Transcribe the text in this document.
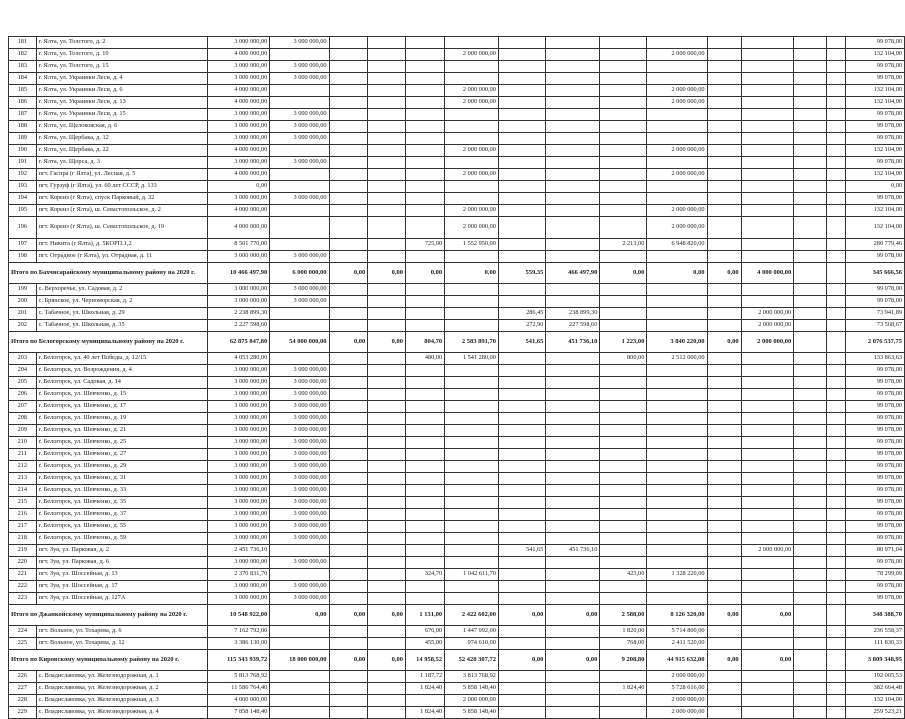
181	г. Ялта, ул. Толстого, д. 2	3 000 000,00	3 000 000,00													99 078,00
182	г. Ялта, ул. Толстого, д. 10	4 000 000,00					2 000 000,00				2 000 000,00					132 104,00
183	г. Ялта, ул. Толстого, д. 15	3 000 000,00	3 000 000,00													99 078,00
184	г. Ялта, ул. Украинки Леси, д. 4	3 000 000,00	3 000 000,00													99 078,00
185	г. Ялта, ул. Украинки Леси, д. 6	4 000 000,00					2 000 000,00				2 000 000,00					132 104,00
186	г. Ялта, ул. Украинки Леси, д. 13	4 000 000,00					2 000 000,00				2 000 000,00					132 104,00
187	г. Ялта, ул. Украинки Леси, д. 15	3 000 000,00	3 000 000,00													99 078,00
188	г. Ялта, ул. Щелоковская, д. 6	3 000 000,00	3 000 000,00													99 078,00
189	г. Ялта, ул. Щербака, д. 12	3 000 000,00	3 000 000,00													99 078,00
190	г. Ялта, ул. Щербака, д. 22	4 000 000,00					2 000 000,00				2 000 000,00					132 104,00
191	г. Ялта, ул. Щорса, д. 3	3 000 000,00	3 000 000,00													99 078,00
192	пгт. Гаспра (г Ялта), ул. Лесная, д. 5	4 000 000,00					2 000 000,00				2 000 000,00					132 104,00
193	пгт. Гурзуф (г Ялта), ул. 60 лет СССР, д. 133	0,00														0,00
194	пгт. Кореиз (г Ялта), спуск Парковый, д. 32	3 000 000,00	3 000 000,00													99 078,00
195	пгт. Кореиз (г Ялта), ш. Севастопольское, д. 2	4 000 000,00					2 000 000,00				2 000 000,00					132 104,00
196	пгт. Кореиз (г Ялта), ш. Севастопольское, д. 19	4 000 000,00					2 000 000,00				2 000 000,00					132 104,00
197	пгт. Никита (г Ялта), д. 5КОРП.1,2	8 501 770,00				725,00	1 552 950,00			2 213,00	6 948 820,00					280 779,46
198	пгт. Отрадное (г Ялта), ул. Отрадная, д. 11	3 000 000,00	3 000 000,00													99 078,00
Итого по Бахчисарайскому муниципальному району на 2020 г.		10 466 497,90	6 000 000,00	0,00	0,00	0,00	0,00	559,35	466 497,90	0,00	0,00	0,00	4 000 000,00			345 666,56
199	с. Верхоречье, ул. Садовая, д. 2	3 000 000,00	3 000 000,00													99 078,00
200	с. Брянское, ул. Черноморская, д. 2	3 000 000,00	3 000 000,00													99 078,00
201	с. Табачное, ул. Школьная, д. 29	2 238 899,30						286,45	238 899,30				2 000 000,00			73 941,89
202	с. Табачное, ул. Школьная, д. 35	2 227 598,60						272,90	227 598,60				2 000 000,00			73 568,67
Итого по Белогорскому муниципальному району на 2020 г.		62 875 847,80	54 000 000,00	0,00	0,00	804,70	2 583 891,70	541,65	451 736,10	1 223,00	3 840 220,00	0,00	2 000 000,00			2 076 537,75
203	г. Белогорск, ул. 40 лет Победы, д. 12/15	4 053 280,00				480,00	1 541 280,00			800,00	2 512 000,00					133 863,63
204	г. Белогорск, ул. Возрождения, д. 4	3 000 000,00	3 000 000,00													99 078,00
205	г. Белогорск, ул. Садовая, д. 14	3 000 000,00	3 000 000,00													99 078,00
206	г. Белогорск, ул. Шевченко, д. 15	3 000 000,00	3 000 000,00													99 078,00
207	г. Белогорск, ул. Шевченко, д. 17	3 000 000,00	3 000 000,00													99 078,00
208	г. Белогорск, ул. Шевченко, д. 19	3 000 000,00	3 000 000,00													99 078,00
209	г. Белогорск, ул. Шевченко, д. 21	3 000 000,00	3 000 000,00													99 078,00
210	г. Белогорск, ул. Шевченко, д. 25	3 000 000,00	3 000 000,00													99 078,00
211	г. Белогорск, ул. Шевченко, д. 27	3 000 000,00	3 000 000,00													99 078,00
212	г. Белогорск, ул. Шевченко, д. 29	3 000 000,00	3 000 000,00													99 078,00
213	г. Белогорск, ул. Шевченко, д. 31	3 000 000,00	3 000 000,00													99 078,00
214	г. Белогорск, ул. Шевченко, д. 33	3 000 000,00	3 000 000,00													99 078,00
215	г. Белогорск, ул. Шевченко, д. 35	3 000 000,00	3 000 000,00													99 078,00
216	г. Белогорск, ул. Шевченко, д. 37	3 000 000,00	3 000 000,00													99 078,00
217	г. Белогорск, ул. Шевченко, д. 55	3 000 000,00	3 000 000,00													99 078,00
218	г. Белогорск, ул. Шевченко, д. 59	3 000 000,00	3 000 000,00													99 078,00
219	пгт. Зуя, ул. Парковая, д. 2	2 451 736,10						541,65	451 736,10				2 000 000,00			80 971,04
220	пгт. Зуя, ул. Парковая, д. 6	3 000 000,00	3 000 000,00													99 078,00
221	пгт. Зуя, ул. Шоссейная, д. 13	2 370 831,70				324,70	1 042 611,70			423,00	1 328 220,00					78 299,09
222	пгт. Зуя, ул. Шоссейная, д. 17	3 000 000,00	3 000 000,00													99 078,00
223	пгт. Зуя, ул. Шоссейная, д. 127А	3 000 000,00	3 000 000,00													99 078,00
Итого по Джанкойскому муниципальному району на 2020 г.		10 548 922,00	0,00	0,00	0,00	1 131,00	2 422 602,00	0,00	0,00	2 588,00	8 126 320,00	0,00	0,00			348 388,70
224	пгт. Вольное, ул. Тохарева, д. 6	7 162 792,00				676,00	1 447 992,00			1 820,00	5 714 800,00					236 558,37
225	пгт. Вольное, ул. Тохарева, д. 12	3 386 130,00				455,00	974 610,00			768,00	2 411 520,00					111 830,33
Итого по Кировскому муниципальному району на 2020 г.		115 343 939,72	18 000 000,00	0,00	0,00	14 958,52	52 428 307,72	0,00	0,00	9 208,80	44 915 632,00	0,00	0,00			3 809 348,95
226	с. Владиславовка, ул. Железнодорожная, д. 1	5 813 768,92				1 187,72	3 813 768,92				2 000 000,00					192 005,53
227	с. Владиславовка, ул. Железнодорожная, д. 2	11 586 764,40				1 824,40	5 858 148,40			1 824,40	5 728 616,00					382 664,48
228	с. Владиславовка, ул. Железнодорожная, д. 3	4 000 000,00					2 000 000,00				2 000 000,00					132 104,00
229	с. Владиславовка, ул. Железнодорожная, д. 4	7 858 148,40				1 824,40	5 858 148,40				2 000 000,00					259 523,21
